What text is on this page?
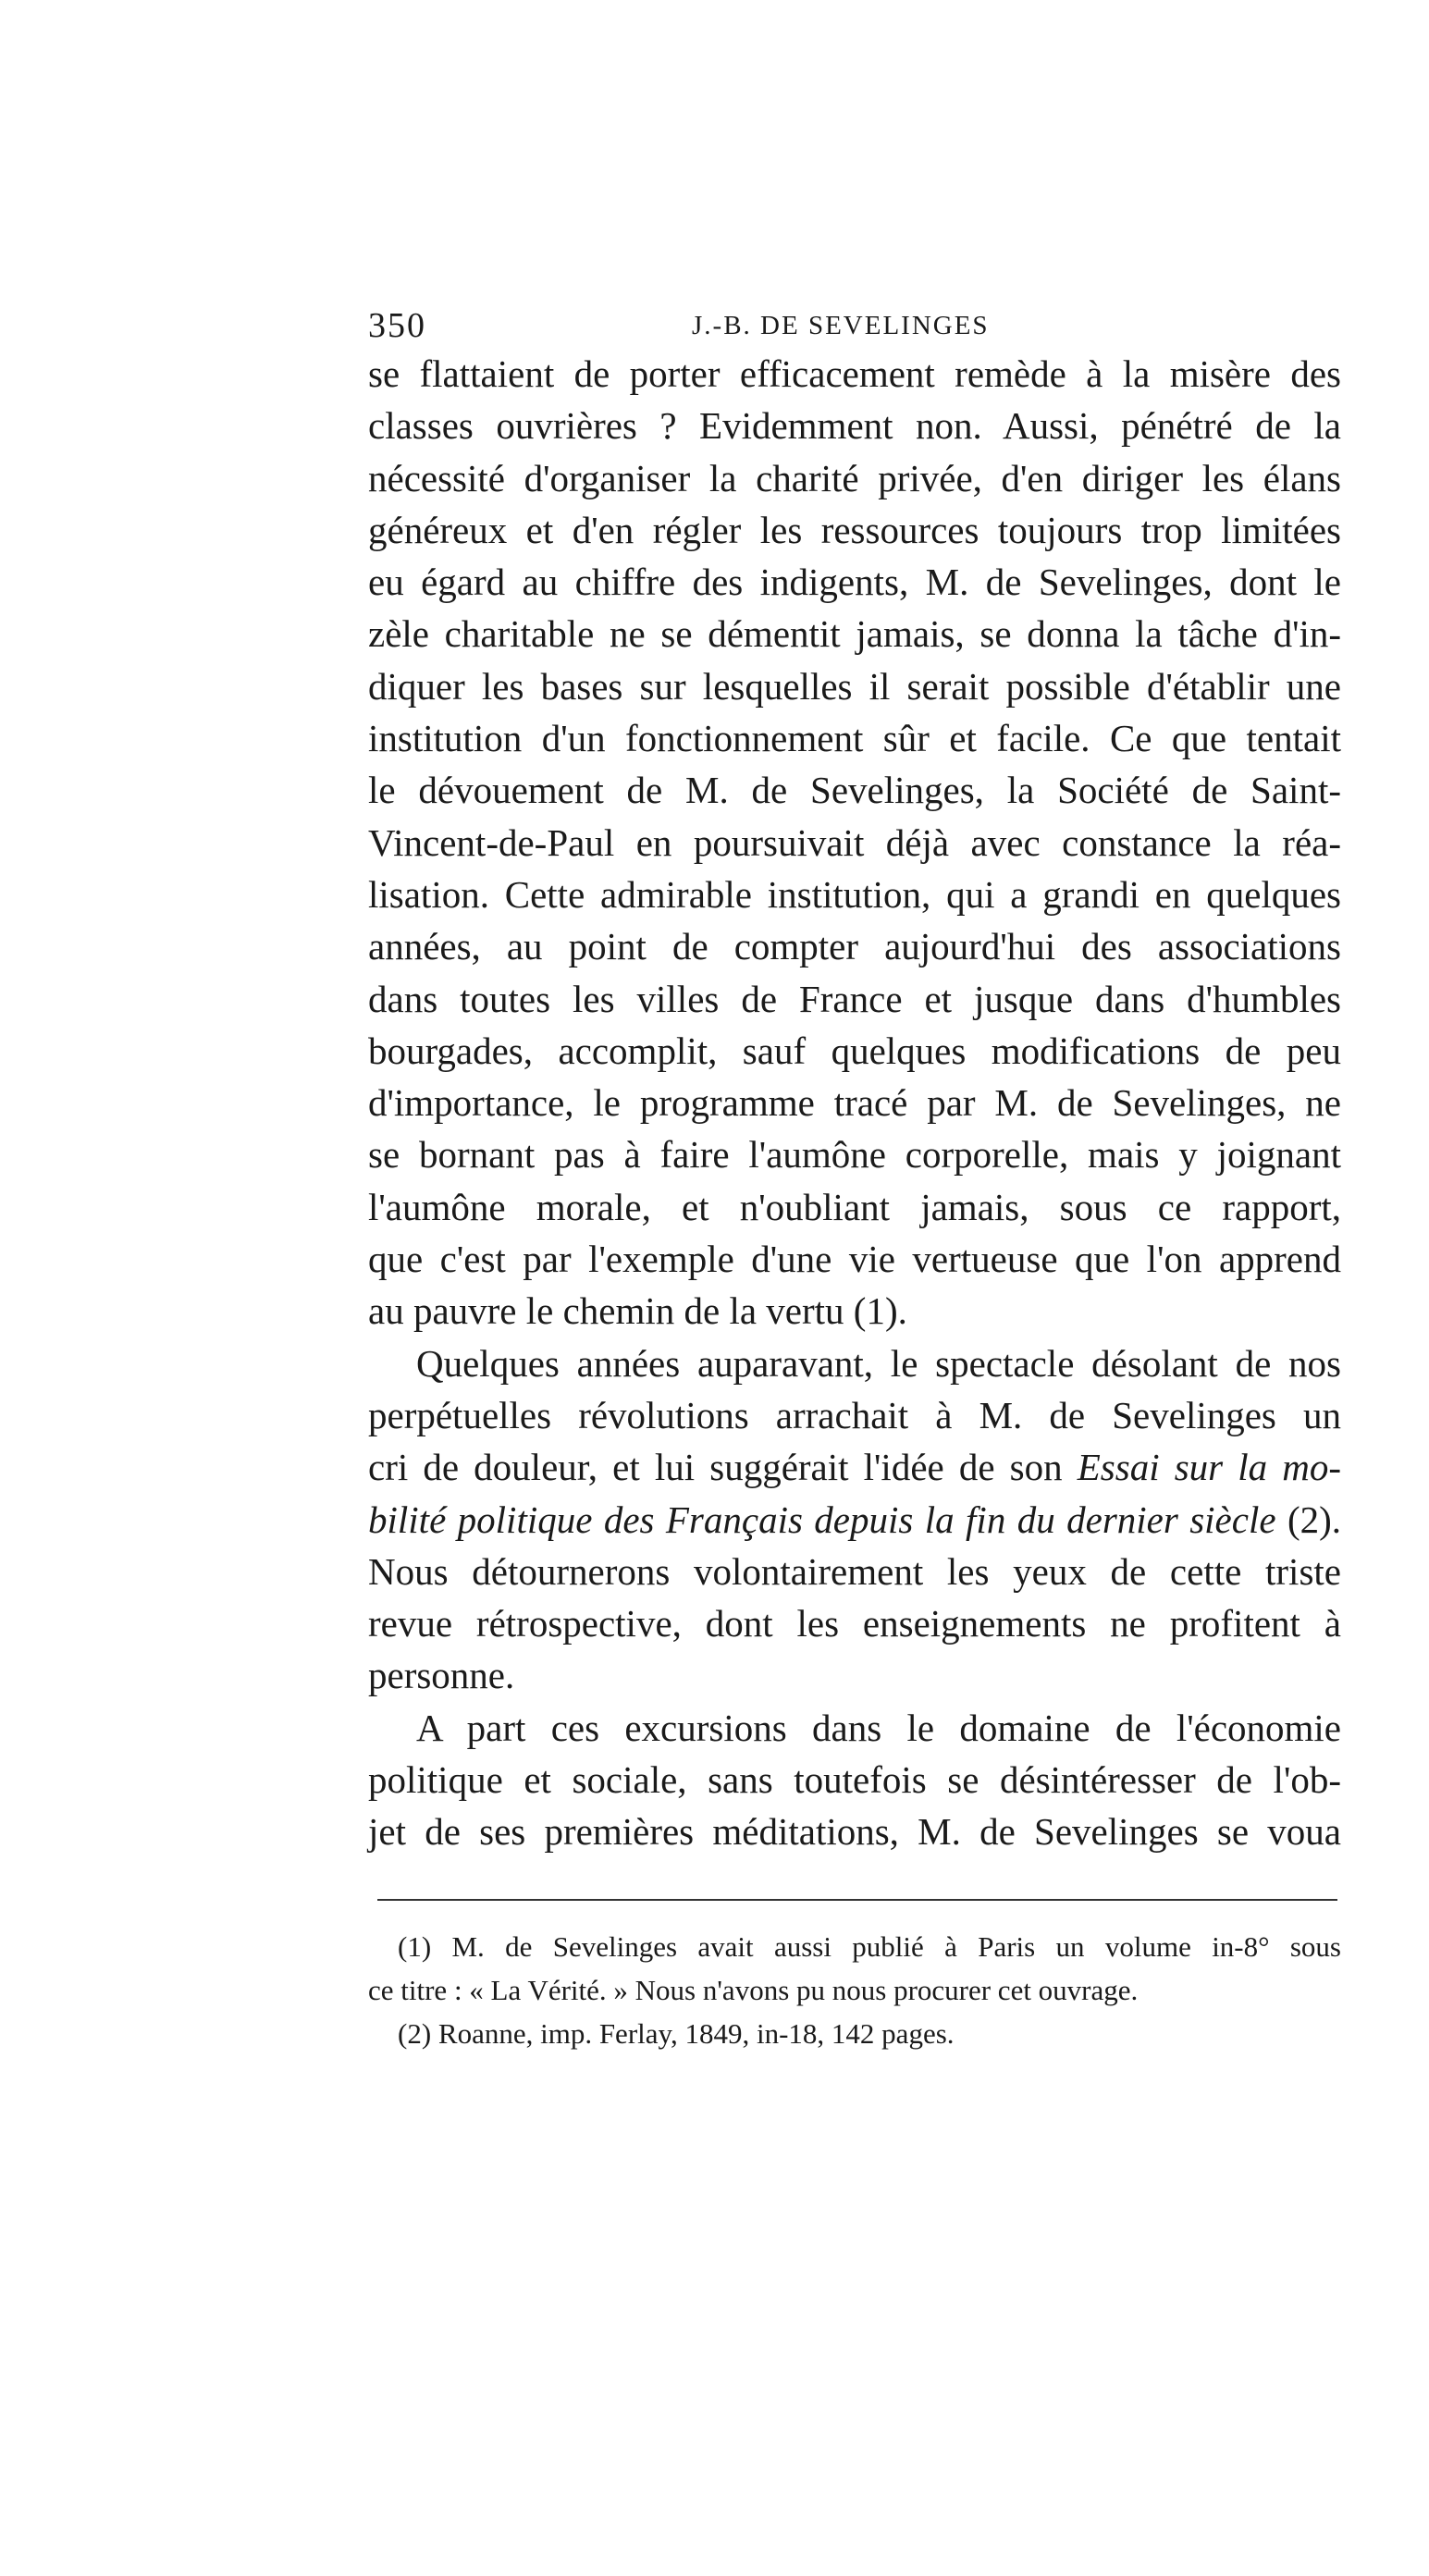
350	J.-B. DE SEVELINGES

se flattaient de porter efficacement remède à la misère des
classes ouvrières ? Evidemment non. Aussi, pénétré de la
nécessité d'organiser la charité privée, d'en diriger les élans
généreux et d'en régler les ressources toujours trop limitées
eu égard au chiffre des indigents, M. de Sevelinges, dont le
zèle charitable ne se démentit jamais, se donna la tâche d'in-
diquer les bases sur lesquelles il serait possible d'établir une
institution d'un fonctionnement sûr et facile. Ce que tentait
le dévouement de M. de Sevelinges, la Société de Saint-
Vincent-de-Paul en poursuivait déjà avec constance la réa-
lisation. Cette admirable institution, qui a grandi en quelques
années, au point de compter aujourd'hui des associations
dans toutes les villes de France et jusque dans d'humbles
bourgades, accomplit, sauf quelques modifications de peu
d'importance, le programme tracé par M. de Sevelinges, ne
se bornant pas à faire l'aumône corporelle, mais y joignant
l'aumône morale, et n'oubliant jamais, sous ce rapport,
que c'est par l'exemple d'une vie vertueuse que l'on apprend
au pauvre le chemin de la vertu (1).

Quelques années auparavant, le spectacle désolant de nos
perpétuelles révolutions arrachait à M. de Sevelinges un
cri de douleur, et lui suggérait l'idée de son Essai sur la mo-
bilité politique des Français depuis la fin du dernier siècle (2).
Nous détournerons volontairement les yeux de cette triste
revue rétrospective, dont les enseignements ne profitent à
personne.

A part ces excursions dans le domaine de l'économie
politique et sociale, sans toutefois se désintéresser de l'ob-
jet de ses premières méditations, M. de Sevelinges se voua

(1) M. de Sevelinges avait aussi publié à Paris un volume in-8° sous
ce titre : « La Vérité. » Nous n'avons pu nous procurer cet ouvrage.
(2) Roanne, imp. Ferlay, 1849, in-18, 142 pages.
